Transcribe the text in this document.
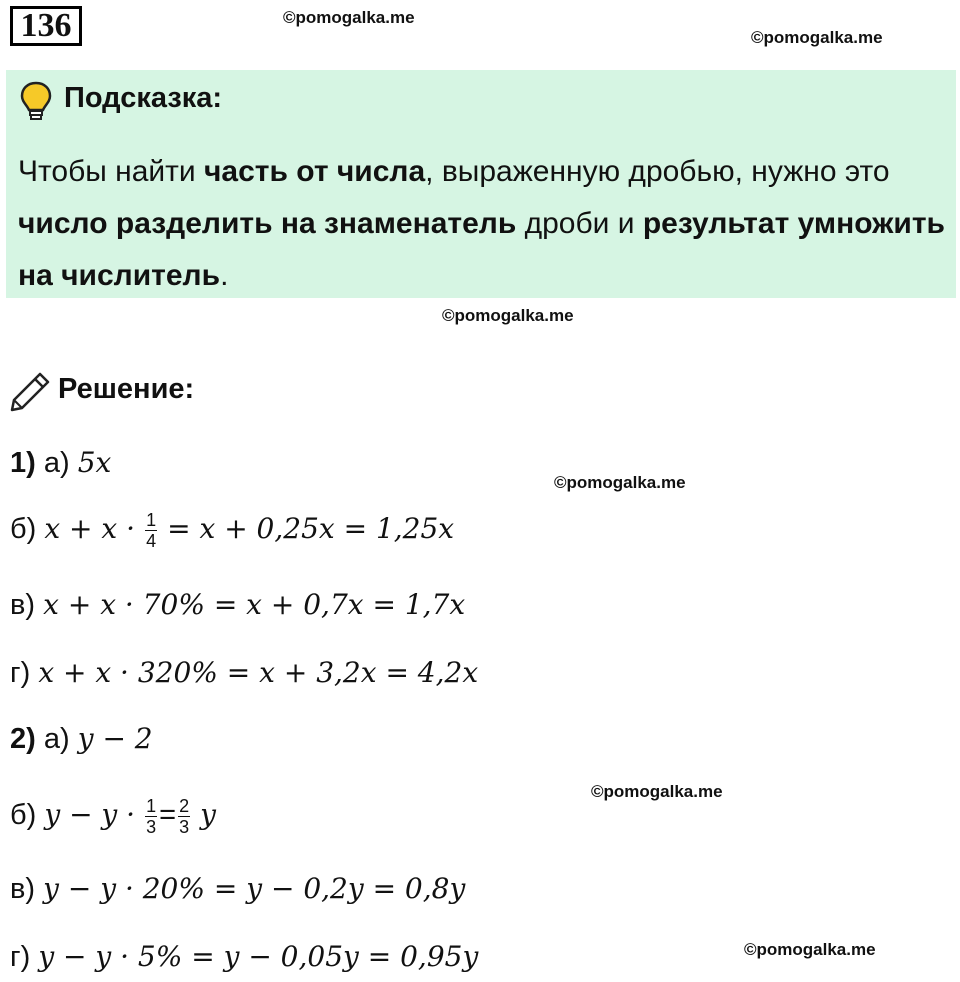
136	©pomogalka.me
©pomogalka.me
©pomogalka.me
©pomogalka.me
©pomogalka.me
©pomogalka.me
Подсказка:
Чтобы найти часть от числа, выраженную дробью, нужно это число разделить на знаменатель дроби и результат умножить на числитель.
Решение:
1) а) 5x
б) $x + x \cdot \frac{1}{4} = x + 0,25x = 1,25x$
в) x + x · 70% = x + 0,7x = 1,7x
г) x + x · 320% = x + 3,2x = 4,2x
2) а) y − 2
б) $y - y \cdot \frac{1}{3} = \frac{2}{3}$ y
в) y − y · 20% = y − 0,2y = 0,8y
г) y − y · 5% = y − 0,05y = 0,95y
